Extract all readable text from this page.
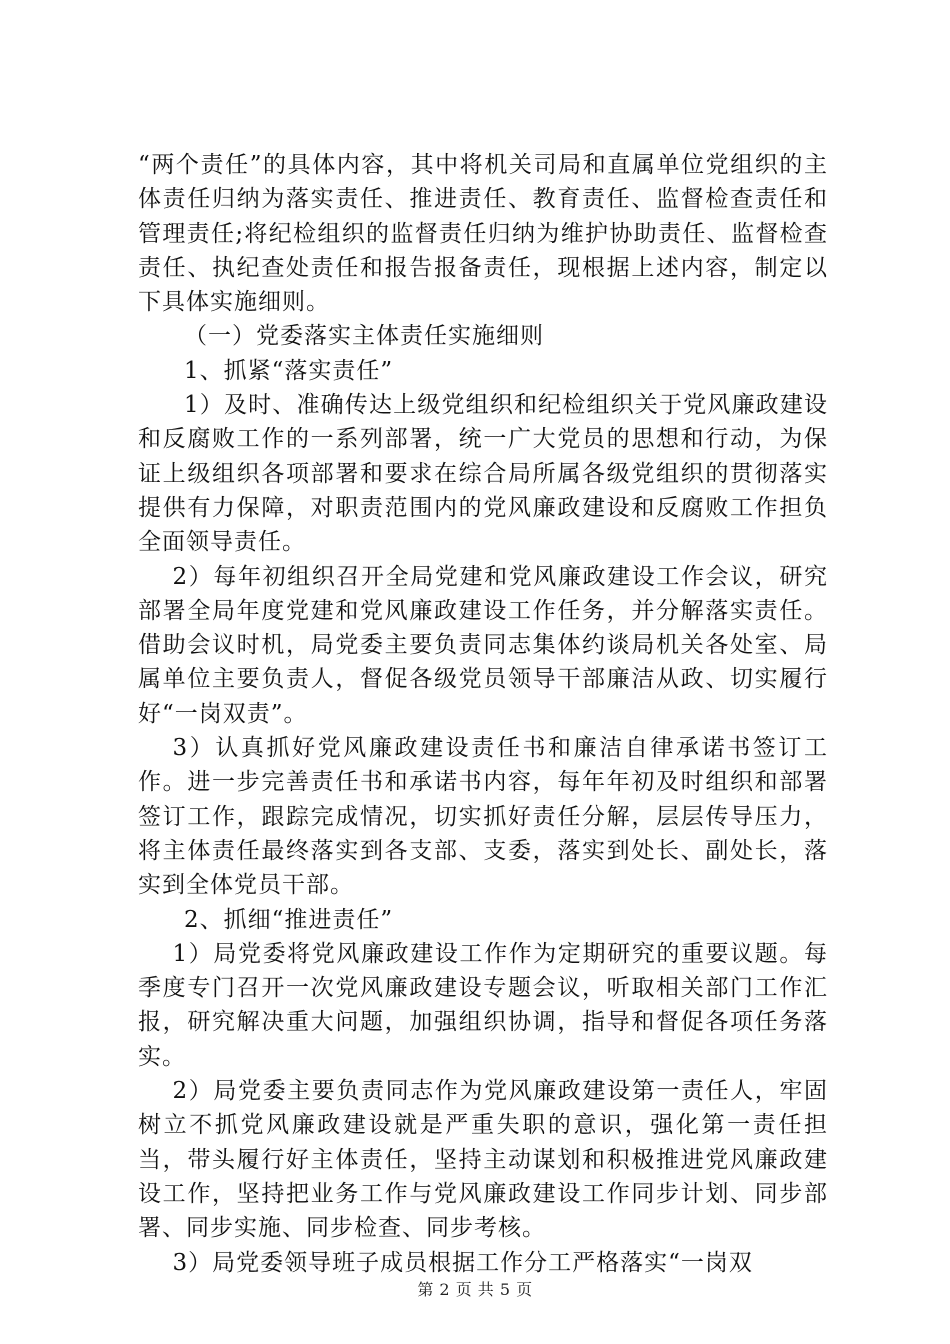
“两个责任”的具体内容，其中将机关司局和直属单位党组织的主体责任归纳为落实责任、推进责任、教育责任、监督检查责任和管理责任;将纪检组织的监督责任归纳为维护协助责任、监督检查责任、执纪查处责任和报告报备责任，现根据上述内容，制定以下具体实施细则。

（一）党委落实主体责任实施细则

1、抓紧“落实责任”

1）及时、准确传达上级党组织和纪检组织关于党风廉政建设和反腐败工作的一系列部署，统一广大党员的思想和行动，为保证上级组织各项部署和要求在综合局所属各级党组织的贯彻落实提供有力保障，对职责范围内的党风廉政建设和反腐败工作担负全面领导责任。

2）每年初组织召开全局党建和党风廉政建设工作会议，研究部署全局年度党建和党风廉政建设工作任务，并分解落实责任。借助会议时机，局党委主要负责同志集体约谈局机关各处室、局属单位主要负责人，督促各级党员领导干部廉洁从政、切实履行好“一岗双责”。

3）认真抓好党风廉政建设责任书和廉洁自律承诺书签订工作。进一步完善责任书和承诺书内容，每年年初及时组织和部署签订工作，跟踪完成情况，切实抓好责任分解，层层传导压力，将主体责任最终落实到各支部、支委，落实到处长、副处长，落实到全体党员干部。

2、抓细“推进责任”

1）局党委将党风廉政建设工作作为定期研究的重要议题。每季度专门召开一次党风廉政建设专题会议，听取相关部门工作汇报，研究解决重大问题，加强组织协调，指导和督促各项任务落实。

2）局党委主要负责同志作为党风廉政建设第一责任人，牢固树立不抓党风廉政建设就是严重失职的意识，强化第一责任担当，带头履行好主体责任，坚持主动谋划和积极推进党风廉政建设工作，坚持把业务工作与党风廉政建设工作同步计划、同步部署、同步实施、同步检查、同步考核。

3）局党委领导班子成员根据工作分工严格落实“一岗双

第 2 页 共 5 页
